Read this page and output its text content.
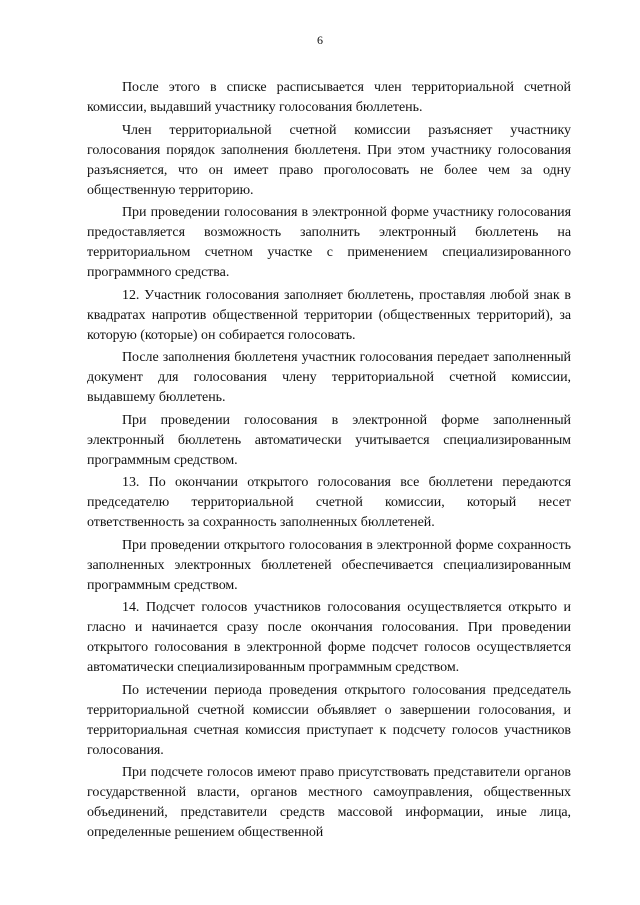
6

После этого в списке расписывается член территориальной счетной комиссии, выдавший участнику голосования бюллетень.

Член территориальной счетной комиссии разъясняет участнику голосования порядок заполнения бюллетеня. При этом участнику голосования разъясняется, что он имеет право проголосовать не более чем за одну общественную территорию.

При проведении голосования в электронной форме участнику голосования предоставляется возможность заполнить электронный бюллетень на территориальном счетном участке с применением специализированного программного средства.

12. Участник голосования заполняет бюллетень, проставляя любой знак в квадратах напротив общественной территории (общественных территорий), за которую (которые) он собирается голосовать.

После заполнения бюллетеня участник голосования передает заполненный документ для голосования члену территориальной счетной комиссии, выдавшему бюллетень.

При проведении голосования в электронной форме заполненный электронный бюллетень автоматически учитывается специализированным программным средством.

13. По окончании открытого голосования все бюллетени передаются председателю территориальной счетной комиссии, который несет ответственность за сохранность заполненных бюллетеней.

При проведении открытого голосования в электронной форме сохранность заполненных электронных бюллетеней обеспечивается специализированным программным средством.

14. Подсчет голосов участников голосования осуществляется открыто и гласно и начинается сразу после окончания голосования. При проведении открытого голосования в электронной форме подсчет голосов осуществляется автоматически специализированным программным средством.

По истечении периода проведения открытого голосования председатель территориальной счетной комиссии объявляет о завершении голосования, и территориальная счетная комиссия приступает к подсчету голосов участников голосования.

При подсчете голосов имеют право присутствовать представители органов государственной власти, органов местного самоуправления, общественных объединений, представители средств массовой информации, иные лица, определенные решением общественной
